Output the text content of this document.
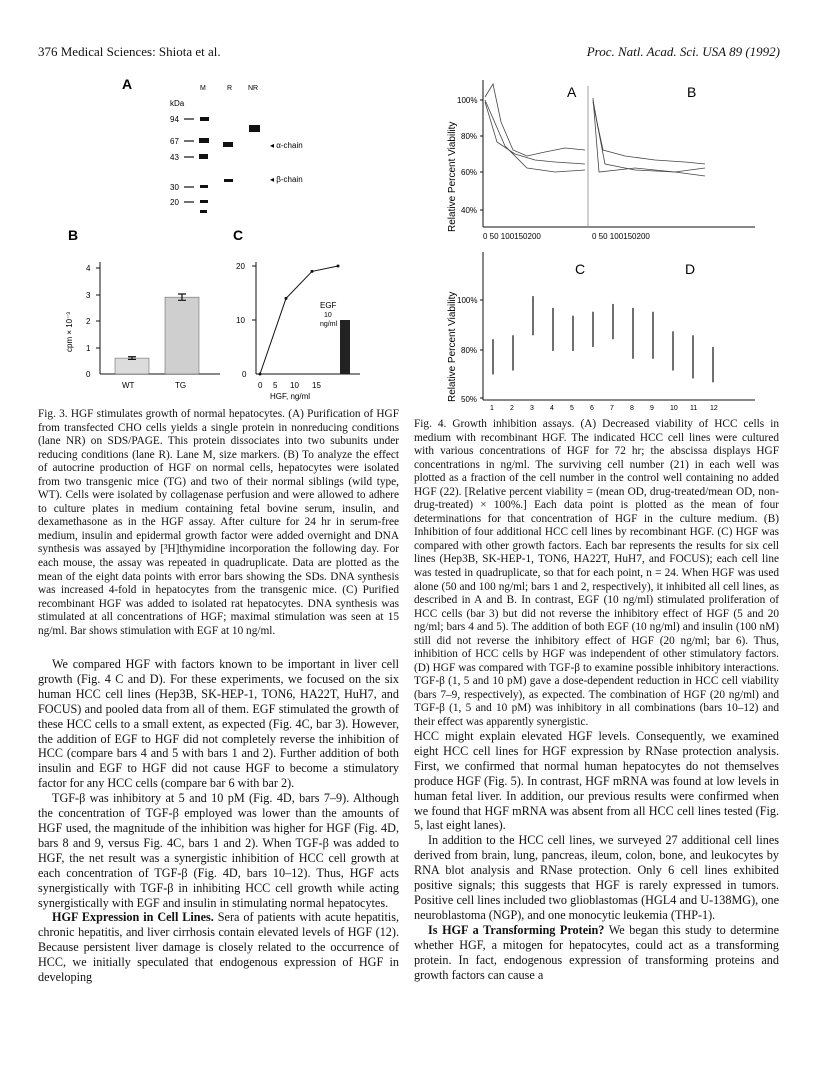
376 Medical Sciences: Shiota et al.	Proc. Natl. Acad. Sci. USA 89 (1992)
A	M	R NR
kDa
94
67
43
30
20
◂ α-chain
◂ β-chain
B
cpm × 10⁻³
4
3
2
1
0
WT	TG
C
20
10
0
0 5 10 15
HGF, ng/ml
EGF
10
ng/ml
Relative Percent Viability
Relative Percent Viability
100%
80%
60%
40%
A	B
0 50 100150200	0 50 100150200
100%
80%
50%
C	D
1 2 3 4 5 6 7 8 9 10 11 12

Fig. 3. HGF stimulates growth of normal hepatocytes. (A) Purification of HGF from transfected CHO cells yields a single protein in nonreducing conditions (lane NR) on SDS/PAGE. This protein dissociates into two subunits under reducing conditions (lane R). Lane M, size markers. (B) To analyze the effect of autocrine production of HGF on normal cells, hepatocytes were isolated from two transgenic mice (TG) and two of their normal siblings (wild type, WT). Cells were isolated by collagenase perfusion and were allowed to adhere to culture plates in medium containing fetal bovine serum, insulin, and dexamethasone as in the HGF assay. After culture for 24 hr in serum-free medium, insulin and epidermal growth factor were added overnight and DNA synthesis was assayed by [³H]thymidine incorporation the following day. For each mouse, the assay was repeated in quadruplicate. Data are plotted as the mean of the eight data points with error bars showing the SDs. DNA synthesis was increased 4-fold in hepatocytes from the transgenic mice. (C) Purified recombinant HGF was added to isolated rat hepatocytes. DNA synthesis was stimulated at all concentrations of HGF; maximal stimulation was seen at 15 ng/ml. Bar shows stimulation with EGF at 10 ng/ml.

Fig. 4. Growth inhibition assays. (A) Decreased viability of HCC cells in medium with recombinant HGF. The indicated HCC cell lines were cultured with various concentrations of HGF for 72 hr; the abscissa displays HGF concentrations in ng/ml. The surviving cell number (21) in each well was plotted as a fraction of the cell number in the control well containing no added HGF (22). [Relative percent viability = (mean OD, drug-treated/mean OD, non-drug-treated) × 100%.] Each data point is plotted as the mean of four determinations for that concentration of HGF in the culture medium. (B) Inhibition of four additional HCC cell lines by recombinant HGF. (C) HGF was compared with other growth factors. Each bar represents the results for six cell lines (Hep3B, SK-HEP-1, TON6, HA22T, HuH7, and FOCUS); each cell line was tested in quadruplicate, so that for each point, n = 24. When HGF was used alone (50 and 100 ng/ml; bars 1 and 2, respectively), it inhibited all cell lines, as described in A and B. In contrast, EGF (10 ng/ml) stimulated proliferation of HCC cells (bar 3) but did not reverse the inhibitory effect of HGF (5 and 20 ng/ml; bars 4 and 5). The addition of both EGF (10 ng/ml) and insulin (100 nM) still did not reverse the inhibitory effect of HGF (20 ng/ml; bar 6). Thus, inhibition of HCC cells by HGF was independent of other stimulatory factors. (D) HGF was compared with TGF-β to examine possible inhibitory interactions. TGF-β (1, 5 and 10 pM) gave a dose-dependent reduction in HCC cell viability (bars 7–9, respectively), as expected. The combination of HGF (20 ng/ml) and TGF-β (1, 5 and 10 pM) was inhibitory in all combinations (bars 10–12) and their effect was apparently synergistic.

We compared HGF with factors known to be important in liver cell growth (Fig. 4 C and D). For these experiments, we focused on the six human HCC cell lines (Hep3B, SK-HEP-1, TON6, HA22T, HuH7, and FOCUS) and pooled data from all of them. EGF stimulated the growth of these HCC cells to a small extent, as expected (Fig. 4C, bar 3). However, the addition of EGF to HGF did not completely reverse the inhibition of HCC (compare bars 4 and 5 with bars 1 and 2). Further addition of both insulin and EGF to HGF did not cause HGF to become a stimulatory factor for any HCC cells (compare bar 6 with bar 2).

TGF-β was inhibitory at 5 and 10 pM (Fig. 4D, bars 7–9). Although the concentration of TGF-β employed was lower than the amounts of HGF used, the magnitude of the inhibition was higher for HGF (Fig. 4D, bars 8 and 9, versus Fig. 4C, bars 1 and 2). When TGF-β was added to HGF, the net result was a synergistic inhibition of HCC cell growth at each concentration of TGF-β (Fig. 4D, bars 10–12). Thus, HGF acts synergistically with TGF-β in inhibiting HCC cell growth while acting synergistically with EGF and insulin in stimulating normal hepatocytes.

HGF Expression in Cell Lines. Sera of patients with acute hepatitis, chronic hepatitis, and liver cirrhosis contain elevated levels of HGF (12). Because persistent liver damage is closely related to the occurrence of HCC, we initially speculated that endogenous expression of HGF in developing

HCC might explain elevated HGF levels. Consequently, we examined eight HCC cell lines for HGF expression by RNase protection analysis. First, we confirmed that normal human hepatocytes do not themselves produce HGF (Fig. 5). In contrast, HGF mRNA was found at low levels in human fetal liver. In addition, our previous results were confirmed when we found that HGF mRNA was absent from all HCC cell lines tested (Fig. 5, last eight lanes).

In addition to the HCC cell lines, we surveyed 27 additional cell lines derived from brain, lung, pancreas, ileum, colon, bone, and leukocytes by RNA blot analysis and RNase protection. Only 6 cell lines exhibited positive signals; this suggests that HGF is rarely expressed in tumors. Positive cell lines included two glioblastomas (HGL4 and U-138MG), one neuroblastoma (NGP), and one monocytic leukemia (THP-1).

Is HGF a Transforming Protein? We began this study to determine whether HGF, a mitogen for hepatocytes, could act as a transforming protein. In fact, endogenous expression of transforming proteins and growth factors can cause a
